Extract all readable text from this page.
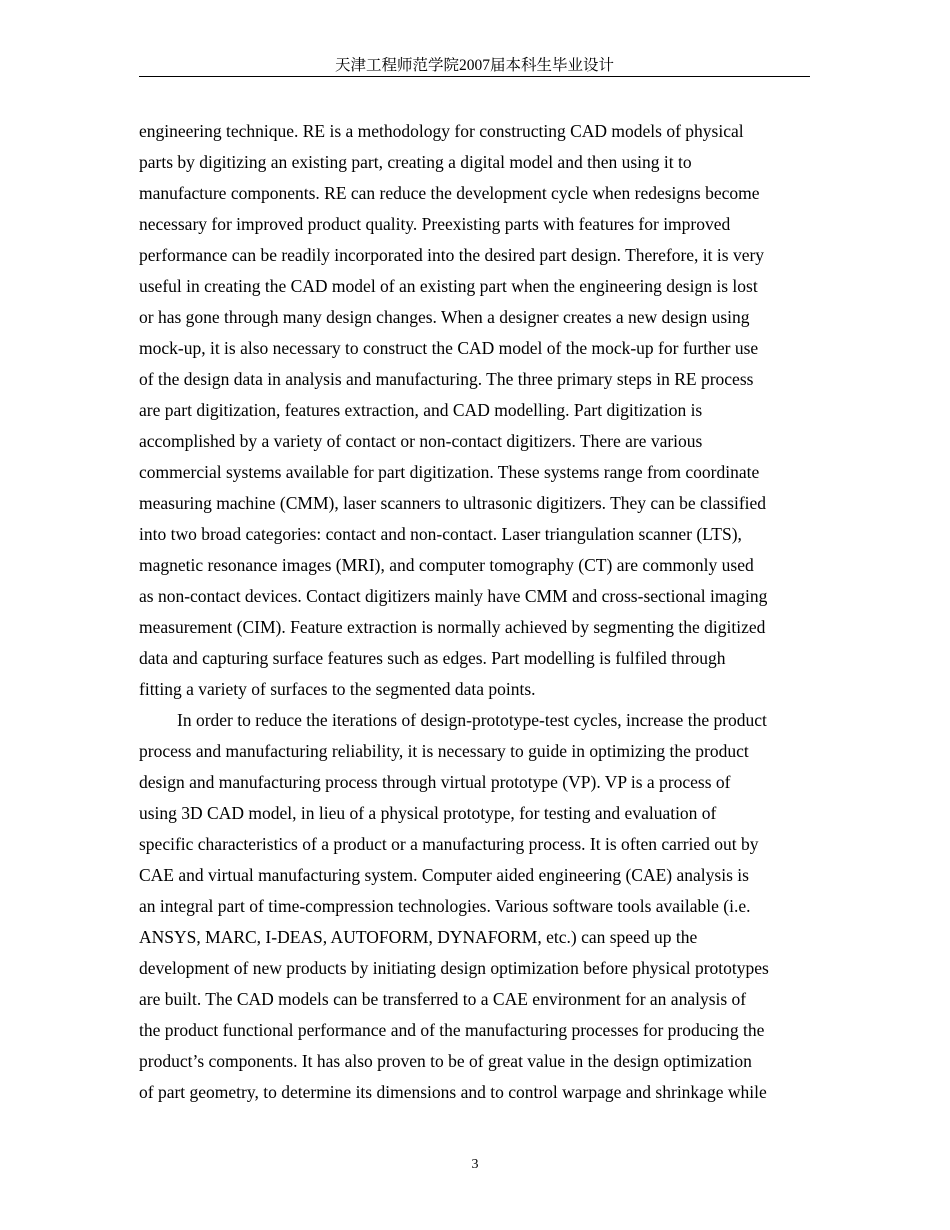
天津工程师范学院2007届本科生毕业设计
engineering technique. RE is a methodology for constructing CAD models of physical
parts by digitizing an existing part, creating a digital model and then using it to
manufacture components. RE can reduce the development cycle when redesigns become
necessary for improved product quality. Preexisting parts with features for improved
performance can be readily incorporated into the desired part design. Therefore, it is very
useful in creating the CAD model of an existing part when the engineering design is lost
or has gone through many design changes. When a designer creates a new design using
mock-up, it is also necessary to construct the CAD model of the mock-up for further use
of the design data in analysis and manufacturing. The three primary steps in RE process
are part digitization, features extraction, and CAD modelling. Part digitization is
accomplished by a variety of contact or non-contact digitizers. There are various
commercial systems available for part digitization. These systems range from coordinate
measuring machine (CMM), laser scanners to ultrasonic digitizers. They can be classified
into two broad categories: contact and non-contact. Laser triangulation scanner (LTS),
magnetic resonance images (MRI), and computer tomography (CT) are commonly used
as non-contact devices. Contact digitizers mainly have CMM and cross-sectional imaging
measurement (CIM). Feature extraction is normally achieved by segmenting the digitized
data and capturing surface features such as edges. Part modelling is fulfiled through
fitting a variety of surfaces to the segmented data points.
In order to reduce the iterations of design-prototype-test cycles, increase the product
process and manufacturing reliability, it is necessary to guide in optimizing the product
design and manufacturing process through virtual prototype (VP). VP is a process of
using 3D CAD model, in lieu of a physical prototype, for testing and evaluation of
specific characteristics of a product or a manufacturing process. It is often carried out by
CAE and virtual manufacturing system. Computer aided engineering (CAE) analysis is
an integral part of time-compression technologies. Various software tools available (i.e.
ANSYS, MARC, I-DEAS, AUTOFORM, DYNAFORM, etc.) can speed up the
development of new products by initiating design optimization before physical prototypes
are built. The CAD models can be transferred to a CAE environment for an analysis of
the product functional performance and of the manufacturing processes for producing the
product’s components. It has also proven to be of great value in the design optimization
of part geometry, to determine its dimensions and to control warpage and shrinkage while
3
